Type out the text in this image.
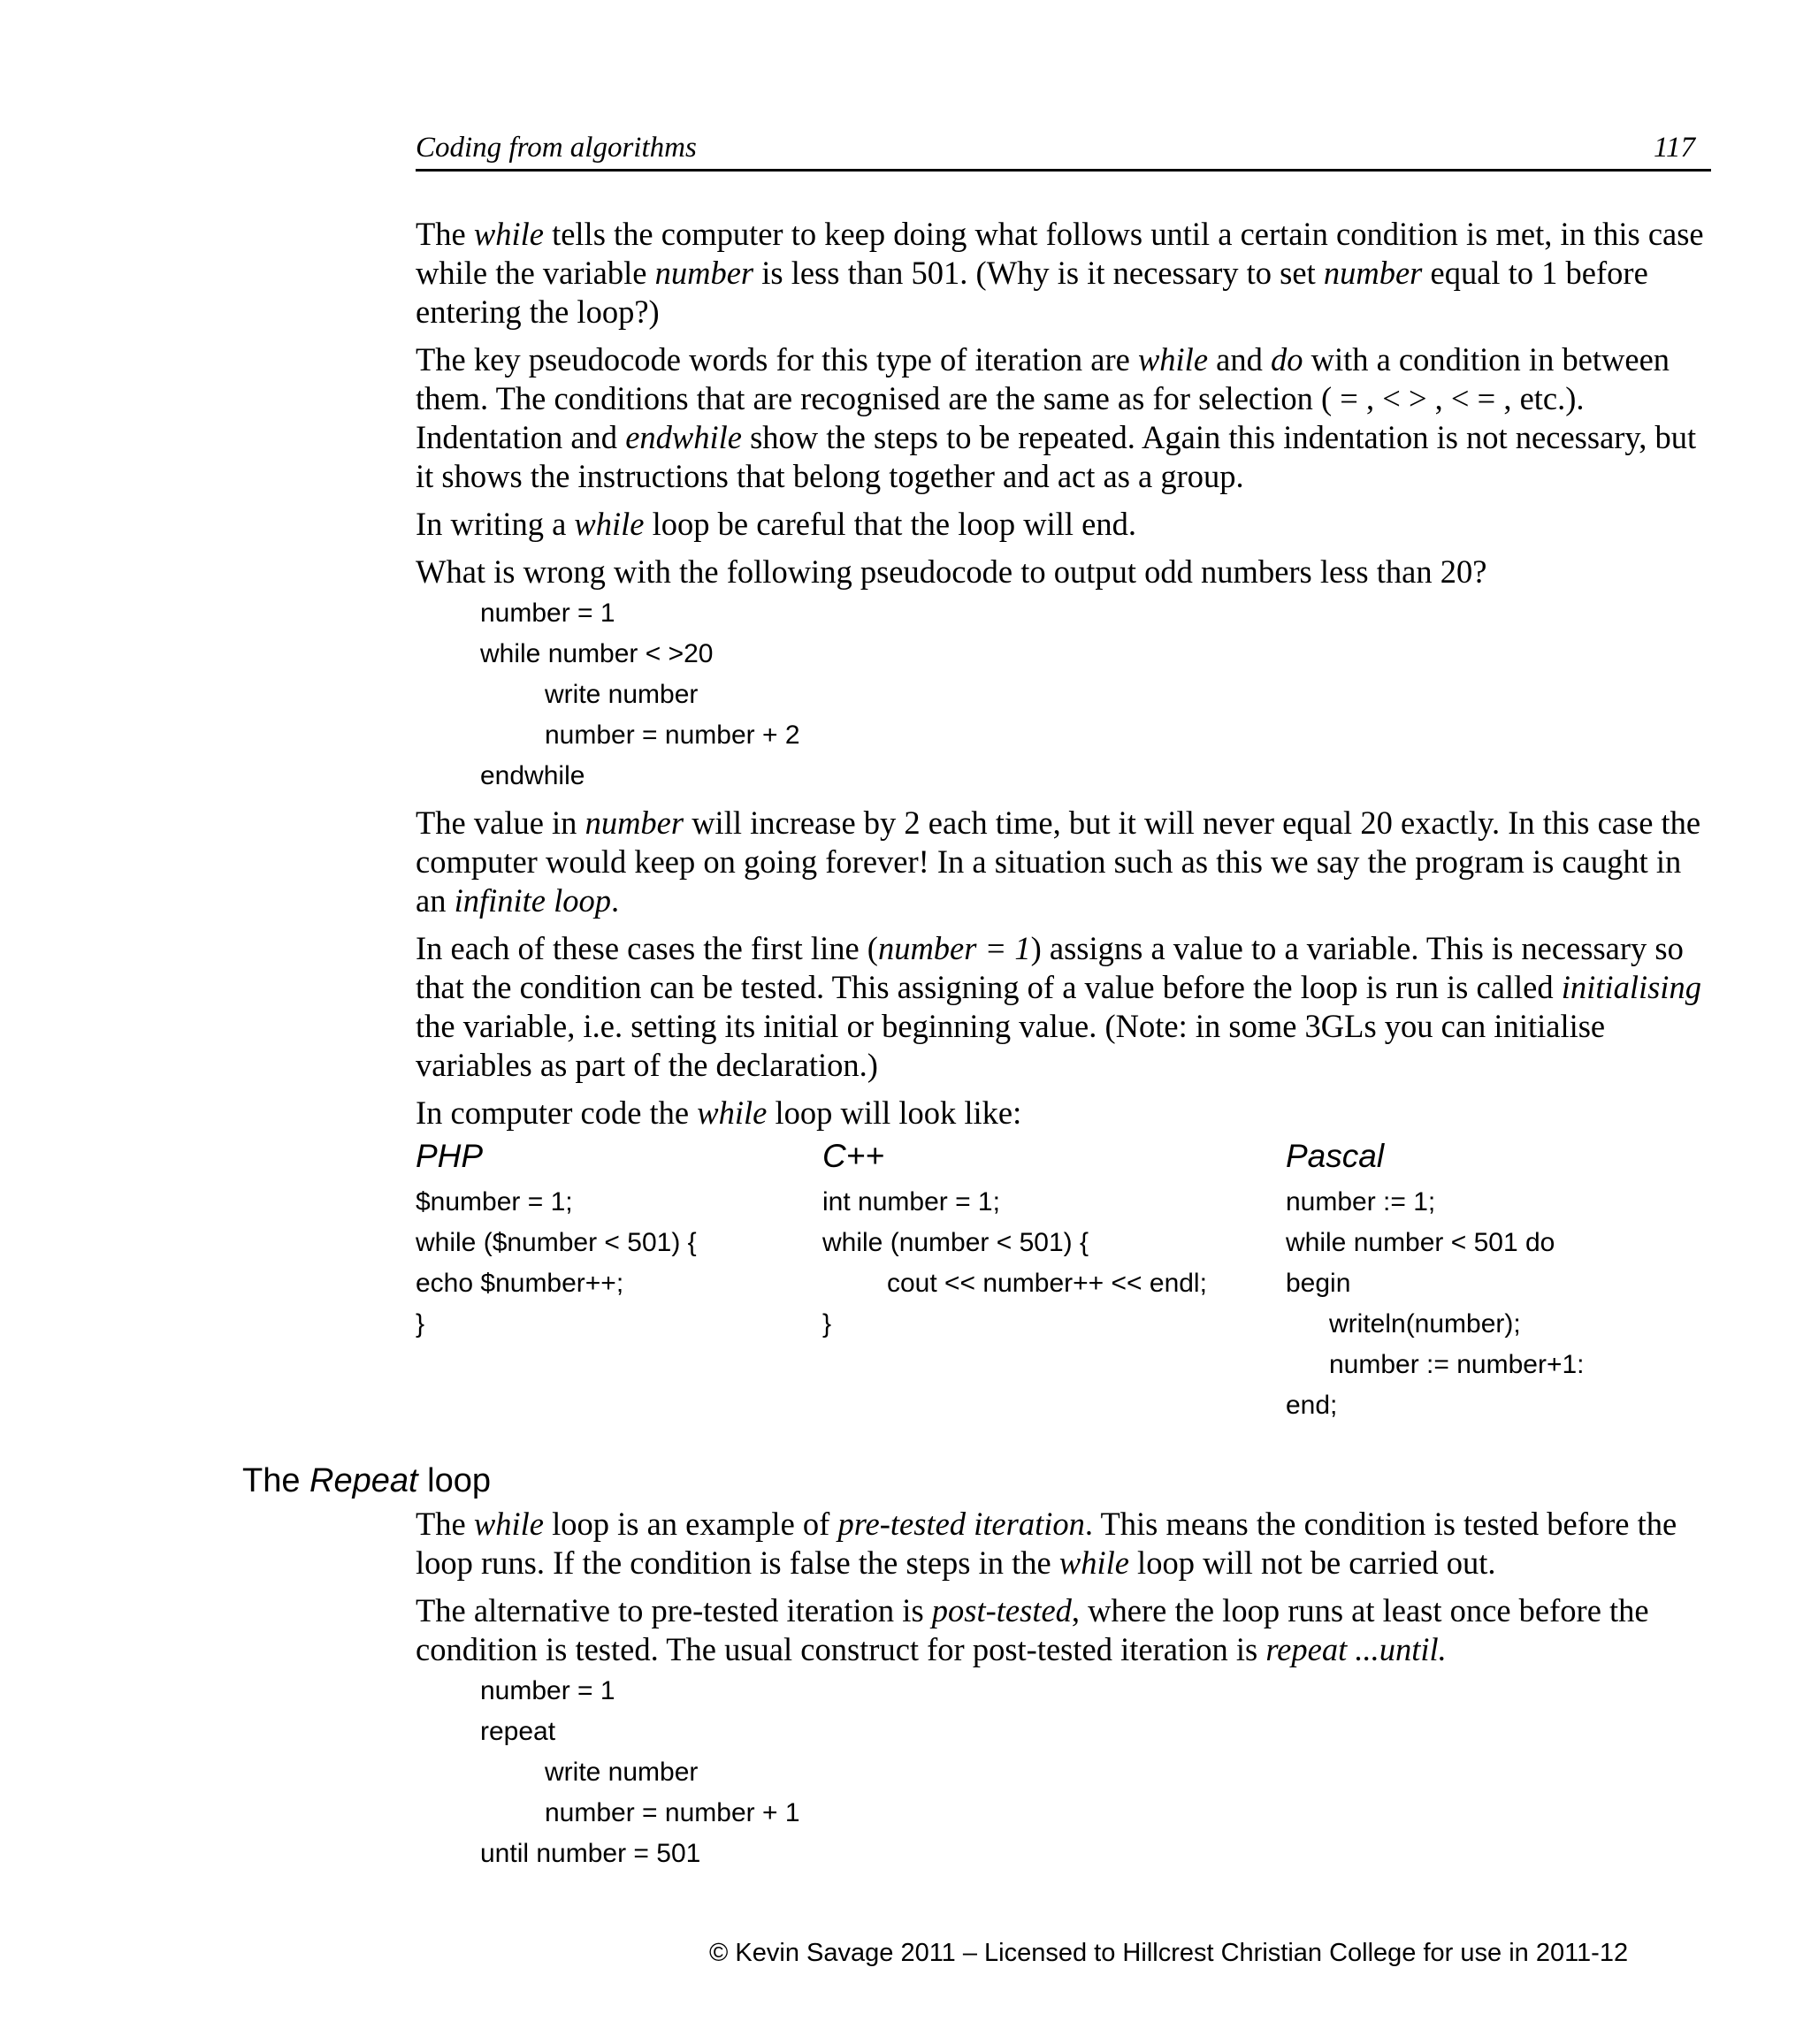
Coding from algorithms	117

The while tells the computer to keep doing what follows until a certain condition is met, in this case while the variable number is less than 501. (Why is it necessary to set number equal to 1 before entering the loop?)

The key pseudocode words for this type of iteration are while and do with a condition in between them. The conditions that are recognised are the same as for selection ( = , < > , < = , etc.). Indentation and endwhile show the steps to be repeated. Again this indentation is not necessary, but it shows the instructions that belong together and act as a group.

In writing a while loop be careful that the loop will end.

What is wrong with the following pseudocode to output odd numbers less than 20?

number = 1
while number < >20
write number
number = number + 2
endwhile

The value in number will increase by 2 each time, but it will never equal 20 exactly. In this case the computer would keep on going forever! In a situation such as this we say the program is caught in an infinite loop.

In each of these cases the first line (number = 1) assigns a value to a variable. This is necessary so that the condition can be tested. This assigning of a value before the loop is run is called initialising the variable, i.e. setting its initial or beginning value. (Note: in some 3GLs you can initialise variables as part of the declaration.)

In computer code the while loop will look like:

PHP
$number = 1;
while ($number < 501) {
echo $number++;
}
C++
int number = 1;
while (number < 501) {
cout << number++ << endl;
}
Pascal
number := 1;
while number < 501 do
begin
writeln(number);
number := number+1:
end;
The Repeat loop

The while loop is an example of pre-tested iteration. This means the condition is tested before the loop runs. If the condition is false the steps in the while loop will not be carried out.

The alternative to pre-tested iteration is post-tested, where the loop runs at least once before the condition is tested. The usual construct for post-tested iteration is repeat ...until.

number = 1
repeat
write number
number = number + 1
until number = 501
© Kevin Savage 2011 – Licensed to Hillcrest Christian College for use in 2011-12
